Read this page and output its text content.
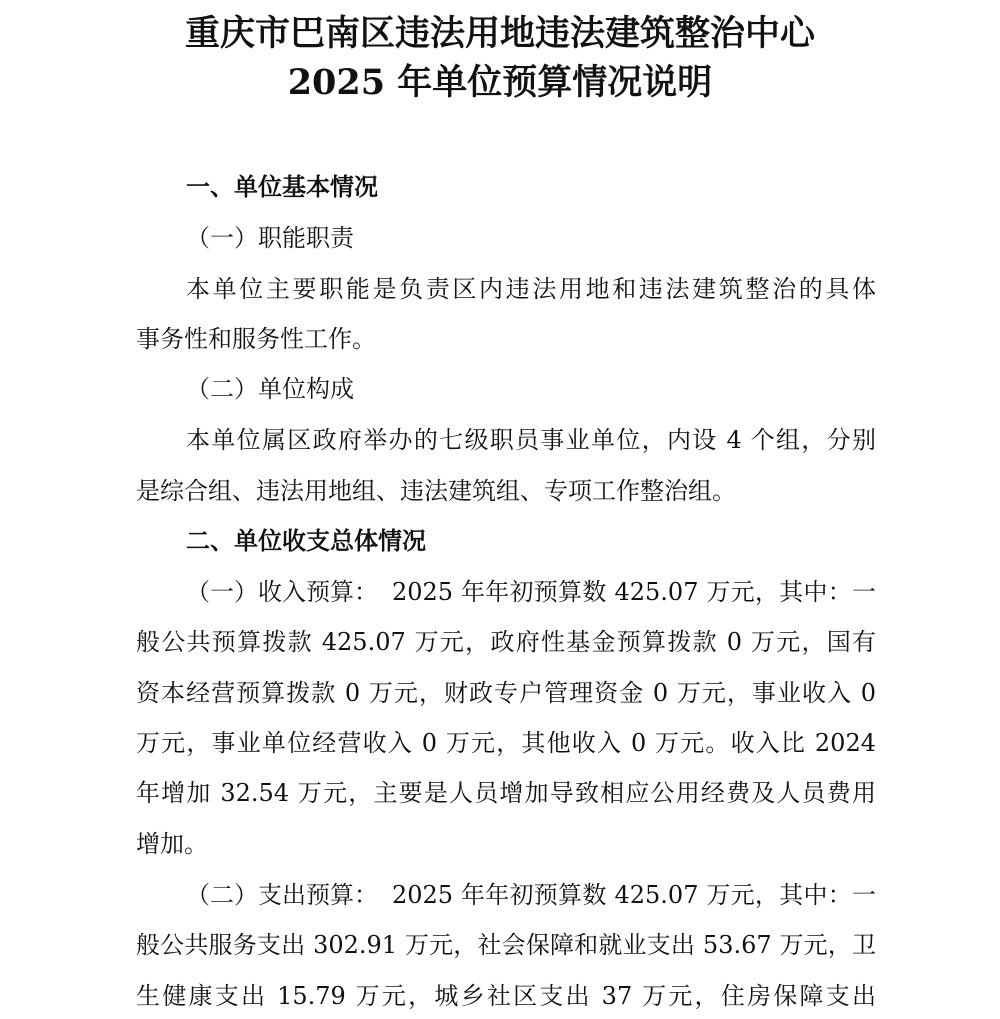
重庆市巴南区违法用地违法建筑整治中心
2025 年单位预算情况说明
一、单位基本情况
（一）职能职责
本单位主要职能是负责区内违法用地和违法建筑整治的具体
事务性和服务性工作。
（二）单位构成
本单位属区政府举办的七级职员事业单位，内设 4 个组，分别
是综合组、违法用地组、违法建筑组、专项工作整治组。
二、单位收支总体情况
（一）收入预算： 2025 年年初预算数 425.07 万元，其中：一
般公共预算拨款 425.07 万元，政府性基金预算拨款 0 万元，国有
资本经营预算拨款 0 万元，财政专户管理资金 0 万元，事业收入 0
万元，事业单位经营收入 0 万元，其他收入 0 万元。收入比 2024
年增加 32.54 万元，主要是人员增加导致相应公用经费及人员费用
增加。
（二）支出预算： 2025 年年初预算数 425.07 万元，其中：一
般公共服务支出 302.91 万元，社会保障和就业支出 53.67 万元，卫
生健康支出 15.79 万元，城乡社区支出 37 万元，住房保障支出
